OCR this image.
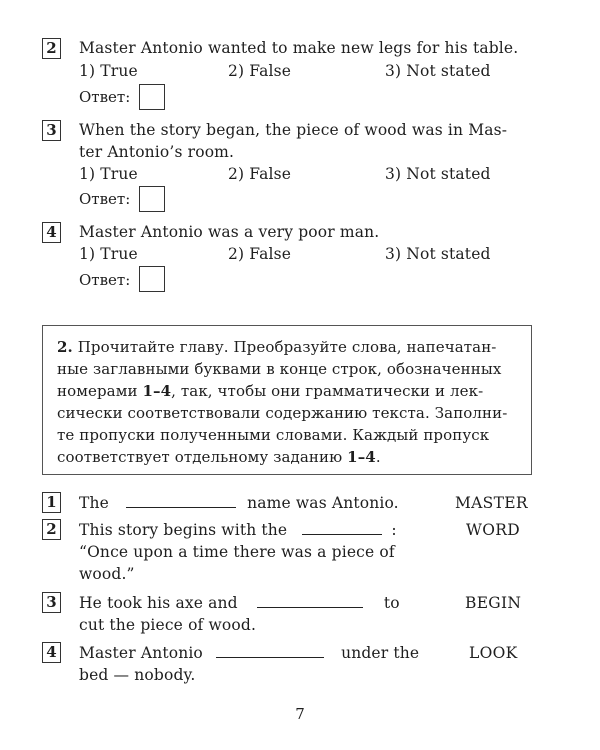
2 Master Antonio wanted to make new legs for his table.
1) True	2) False	3) Not stated
Ответ:
3 When the story began, the piece of wood was in Mas-
ter Antonio’s room.
1) True	2) False	3) Not stated
Ответ:
4 Master Antonio was a very poor man.
1) True	2) False	3) Not stated
Ответ:
2. Прочитайте главу. Преобразуйте слова, напечатан-
ные заглавными буквами в конце строк, обозначенных
номерами 1–4, так, чтобы они грамматически и лек-
сически соответствовали содержанию текста. Заполни-
те пропуски полученными словами. Каждый пропуск
соответствует отдельному заданию 1–4.
1 The	name was Antonio.	MASTER
2 This story begins with the	:
“Once upon a time there was a piece of
wood.”
WORD
3 He took his axe and	to
cut the piece of wood.
BEGIN
4 Master Antonio	under the
bed — nobody.
LOOK
7
